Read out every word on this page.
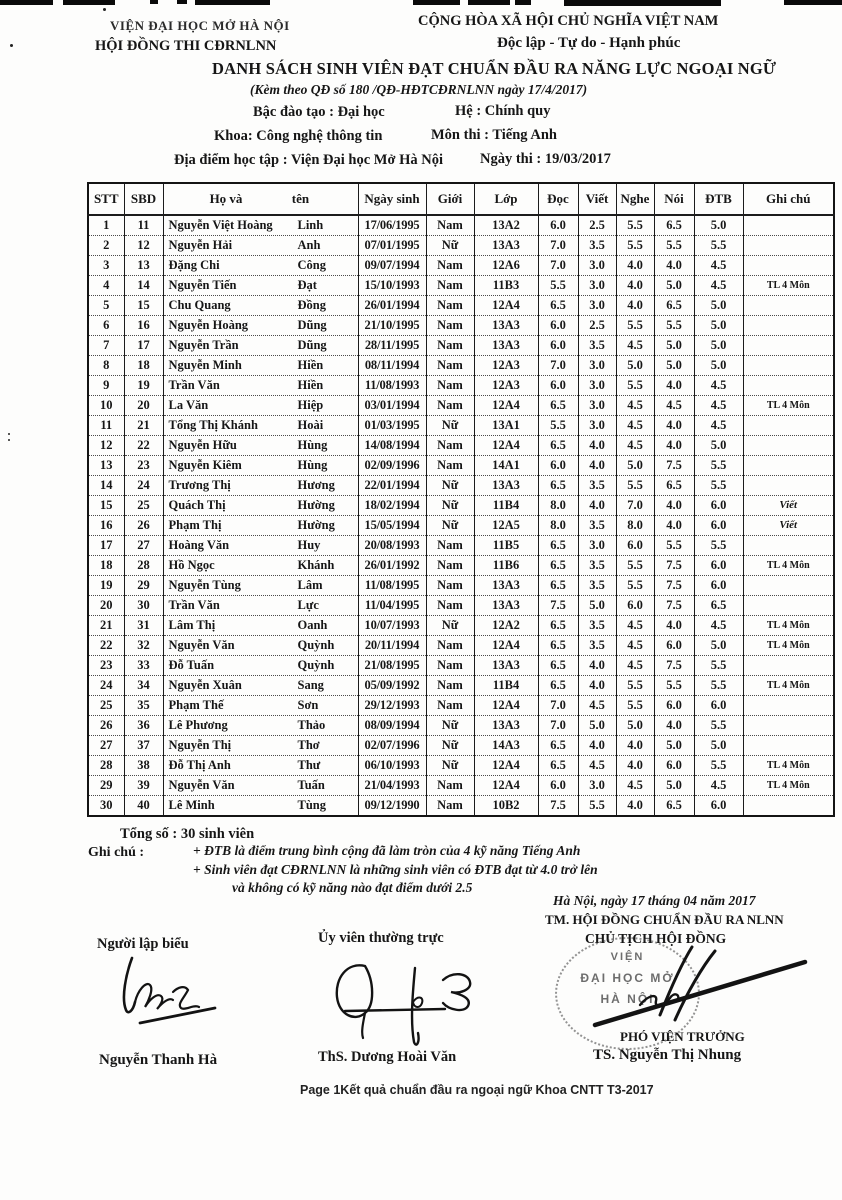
VIỆN ĐẠI HỌC MỞ HÀ NỘI
HỘI ĐỒNG THI CĐRNLNN
CỘNG HÒA XÃ HỘI CHỦ NGHĨA VIỆT NAM
Độc lập - Tự do - Hạnh phúc
DANH SÁCH SINH VIÊN ĐẠT CHUẨN ĐẦU RA NĂNG LỰC NGOẠI NGỮ
(Kèm theo QĐ số 180 /QĐ-HĐTCĐRNLNN ngày 17/4/2017)
Bậc đào tạo : Đại học	Hệ : Chính quy
Khoa: Công nghệ thông tin	Môn thi : Tiếng Anh
Địa điểm học tập : Viện Đại học Mở Hà Nội	Ngày thi : 19/03/2017
STT	SBD	Họ và tên	Ngày sinh	Giới	Lớp	Đọc	Viết	Nghe	Nói	ĐTB	Ghi chú
1	11	Nguyễn Việt Hoàng Linh	17/06/1995	Nam	13A2	6.0	2.5	5.5	6.5	5.0	
2	12	Nguyễn Hải Anh	07/01/1995	Nữ	13A3	7.0	3.5	5.5	5.5	5.5	
3	13	Đặng Chi Công	09/07/1994	Nam	12A6	7.0	3.0	4.0	4.0	4.5	
4	14	Nguyễn Tiến Đạt	15/10/1993	Nam	11B3	5.5	3.0	4.0	5.0	4.5	TL 4 Môn
5	15	Chu Quang Đồng	26/01/1994	Nam	12A4	6.5	3.0	4.0	6.5	5.0	
6	16	Nguyễn Hoàng Dũng	21/10/1995	Nam	13A3	6.0	2.5	5.5	5.5	5.0	
7	17	Nguyễn Trần Dũng	28/11/1995	Nam	13A3	6.0	3.5	4.5	5.0	5.0	
8	18	Nguyễn Minh Hiền	08/11/1994	Nam	12A3	7.0	3.0	5.0	5.0	5.0	
9	19	Trần Văn Hiền	11/08/1993	Nam	12A3	6.0	3.0	5.5	4.0	4.5	
10	20	La Văn Hiệp	03/01/1994	Nam	12A4	6.5	3.0	4.5	4.5	4.5	TL 4 Môn
11	21	Tổng Thị Khánh Hoài	01/03/1995	Nữ	13A1	5.5	3.0	4.5	4.0	4.5	
12	22	Nguyễn Hữu Hùng	14/08/1994	Nam	12A4	6.5	4.0	4.5	4.0	5.0	
13	23	Nguyễn Kiêm Hùng	02/09/1996	Nam	14A1	6.0	4.0	5.0	7.5	5.5	
14	24	Trương Thị Hương	22/01/1994	Nữ	13A3	6.5	3.5	5.5	6.5	5.5	
15	25	Quách Thị Hường	18/02/1994	Nữ	11B4	8.0	4.0	7.0	4.0	6.0	Viết
16	26	Phạm Thị Hường	15/05/1994	Nữ	12A5	8.0	3.5	8.0	4.0	6.0	Viết
17	27	Hoàng Văn Huy	20/08/1993	Nam	11B5	6.5	3.0	6.0	5.5	5.5	
18	28	Hồ Ngọc Khánh	26/01/1992	Nam	11B6	6.5	3.5	5.5	7.5	6.0	TL 4 Môn
19	29	Nguyễn Tùng Lâm	11/08/1995	Nam	13A3	6.5	3.5	5.5	7.5	6.0	
20	30	Trần Văn Lực	11/04/1995	Nam	13A3	7.5	5.0	6.0	7.5	6.5	
21	31	Lâm Thị Oanh	10/07/1993	Nữ	12A2	6.5	3.5	4.5	4.0	4.5	TL 4 Môn
22	32	Nguyễn Văn Quỳnh	20/11/1994	Nam	12A4	6.5	3.5	4.5	6.0	5.0	TL 4 Môn
23	33	Đỗ Tuấn Quỳnh	21/08/1995	Nam	13A3	6.5	4.0	4.5	7.5	5.5	
24	34	Nguyễn Xuân Sang	05/09/1992	Nam	11B4	6.5	4.0	5.5	5.5	5.5	TL 4 Môn
25	35	Phạm Thế Sơn	29/12/1993	Nam	12A4	7.0	4.5	5.5	6.0	6.0	
26	36	Lê Phương Thảo	08/09/1994	Nữ	13A3	7.0	5.0	5.0	4.0	5.5	
27	37	Nguyễn Thị Thơ	02/07/1996	Nữ	14A3	6.5	4.0	4.0	5.0	5.0	
28	38	Đỗ Thị Anh Thư	06/10/1993	Nữ	12A4	6.5	4.5	4.0	6.0	5.5	TL 4 Môn
29	39	Nguyễn Văn Tuấn	21/04/1993	Nam	12A4	6.0	3.0	4.5	5.0	4.5	TL 4 Môn
30	40	Lê Minh Tùng	09/12/1990	Nam	10B2	7.5	5.5	4.0	6.5	6.0	
Tổng số : 30 sinh viên
Ghi chú :	+ ĐTB là điểm trung bình cộng đã làm tròn của 4 kỹ năng Tiếng Anh
+ Sinh viên đạt CĐRNLNN là những sinh viên có ĐTB đạt từ 4.0 trở lên
và không có kỹ năng nào đạt điểm dưới 2.5
Hà Nội, ngày 17 tháng 04 năm 2017
TM. HỘI ĐỒNG CHUẨN ĐẦU RA NLNN
CHỦ TỊCH HỘI ĐỒNG
Người lập biểu	Ủy viên thường trực
VIỆN
ĐẠI HỌC MỞ
HÀ NỘI
PHÓ VIỆN TRƯỞNG
TS. Nguyễn Thị Nhung
Nguyễn Thanh Hà	ThS. Dương Hoài Văn
Page 1Kết quả chuẩn đầu ra ngoại ngữ Khoa CNTT T3-2017
